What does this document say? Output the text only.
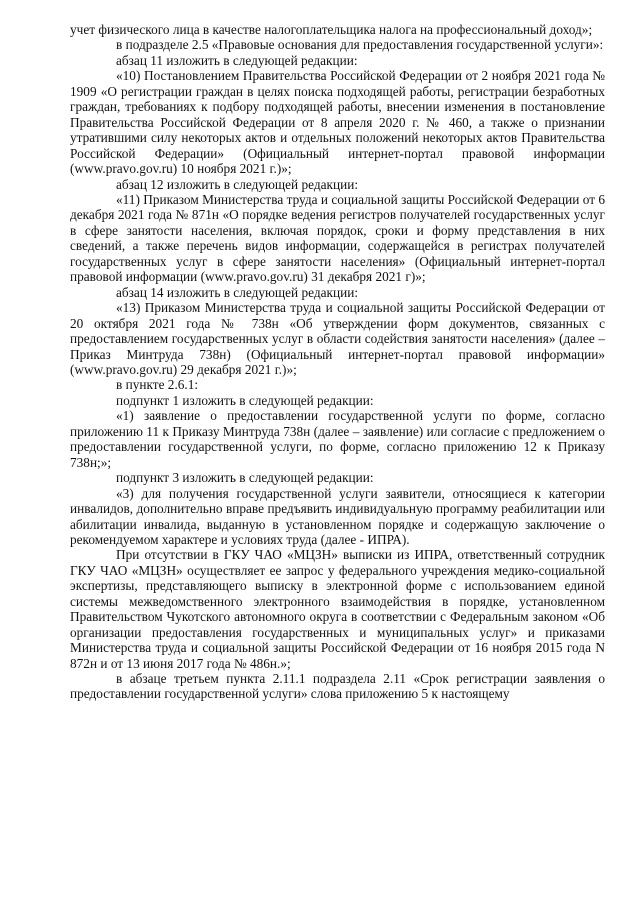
учет физического лица в качестве налогоплательщика налога на профессиональный доход»;

в подразделе 2.5 «Правовые основания для предоставления государственной услуги»:

абзац 11 изложить в следующей редакции:

«10) Постановлением Правительства Российской Федерации от 2 ноября 2021 года № 1909 «О регистрации граждан в целях поиска подходящей работы, регистрации безработных граждан, требованиях к подбору подходящей работы, внесении изменения в постановление Правительства Российской Федерации от 8 апреля 2020 г. № 460, а также о признании утратившими силу некоторых актов и отдельных положений некоторых актов Правительства Российской Федерации» (Официальный интернет-портал правовой информации (www.pravo.gov.ru) 10 ноября 2021 г.)»;

абзац 12 изложить в следующей редакции:

«11) Приказом Министерства труда и социальной защиты Российской Федерации от 6 декабря 2021 года № 871н «О порядке ведения регистров получателей государственных услуг в сфере занятости населения, включая порядок, сроки и форму представления в них сведений, а также перечень видов информации, содержащейся в регистрах получателей государственных услуг в сфере занятости населения» (Официальный интернет-портал правовой информации (www.pravo.gov.ru) 31 декабря 2021 г)»;

абзац 14 изложить в следующей редакции:

«13) Приказом Министерства труда и социальной защиты Российской Федерации от 20 октября 2021 года № 738н «Об утверждении форм документов, связанных с предоставлением государственных услуг в области содействия занятости населения» (далее – Приказ Минтруда 738н) (Официальный интернет-портал правовой информации» (www.pravo.gov.ru) 29 декабря 2021 г.)»;

в пункте 2.6.1:

подпункт 1 изложить в следующей редакции:

«1) заявление о предоставлении государственной услуги по форме, согласно приложению 11 к Приказу Минтруда 738н (далее – заявление) или согласие с предложением о предоставлении государственной услуги, по форме, согласно приложению 12 к Приказу 738н;»;

подпункт 3 изложить в следующей редакции:

«3) для получения государственной услуги заявители, относящиеся к категории инвалидов, дополнительно вправе предъявить индивидуальную программу реабилитации или абилитации инвалида, выданную в установленном порядке и содержащую заключение о рекомендуемом характере и условиях труда (далее - ИПРА).

При отсутствии в ГКУ ЧАО «МЦЗН» выписки из ИПРА, ответственный сотрудник ГКУ ЧАО «МЦЗН» осуществляет ее запрос у федерального учреждения медико-социальной экспертизы, представляющего выписку в электронной форме с использованием единой системы межведомственного электронного взаимодействия в порядке, установленном Правительством Чукотского автономного округа в соответствии с Федеральным законом «Об организации предоставления государственных и муниципальных услуг» и приказами Министерства труда и социальной защиты Российской Федерации от 16 ноября 2015 года N 872н и от 13 июня 2017 года № 486н.»;

в абзаце третьем пункта 2.11.1 подраздела 2.11 «Срок регистрации заявления о предоставлении государственной услуги» слова приложению 5 к настоящему
